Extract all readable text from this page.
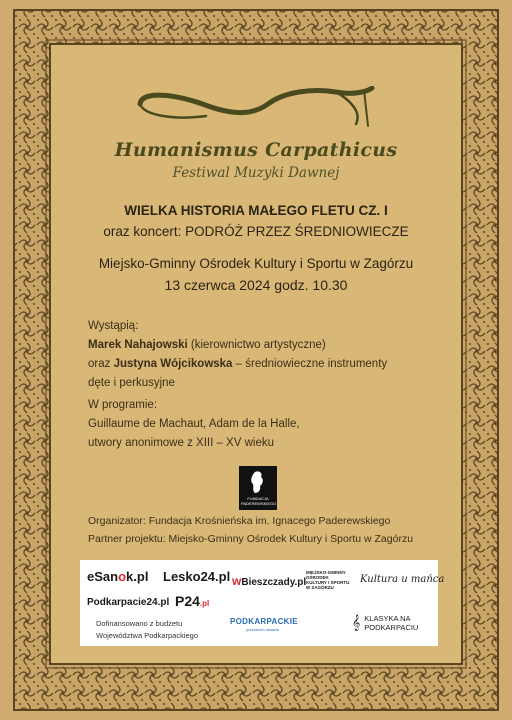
Humanismus Carpathicus
Festiwal Muzyki Dawnej
WIELKA HISTORIA MAŁEGO FLETU CZ. I
oraz koncert: PODRÓŻ PRZEZ ŚREDNIOWIECZE
Miejsko-Gminny Ośrodek Kultury i Sportu w Zagórzu
13 czerwca 2024 godz. 10.30
Wystąpią:
Marek Nahajowski (kierownictwo artystyczne)
oraz Justyna Wójcikowska – średniowieczne instrumenty
dęte i perkusyjne
W programie:
Guillaume de Machaut, Adam de la Halle,
utwory anonimowe z XIII – XV wieku
FUNDACJA PADEREWSKIEGO
Organizator: Fundacja Krośnieńska im. Ignacego Paderewskiego
Partner projektu: Miejsko-Gminny Ośrodek Kultury i Sportu w Zagórzu
eSanok.pl Lesko24.pl
Podkarpacie24.pl P24.pl
Dofinansowano z budżetu
Województwa Podkarpackiego
wBieszczady.pl
MIEJSKO-GMINNY OŚRODEK KULTURY I SPORTU W ZAGÓRZU
Kultura u mańca
PODKARPACKIE
przestrzeń otwarta	𝄞 KLASYKA NA PODKARPACIU
